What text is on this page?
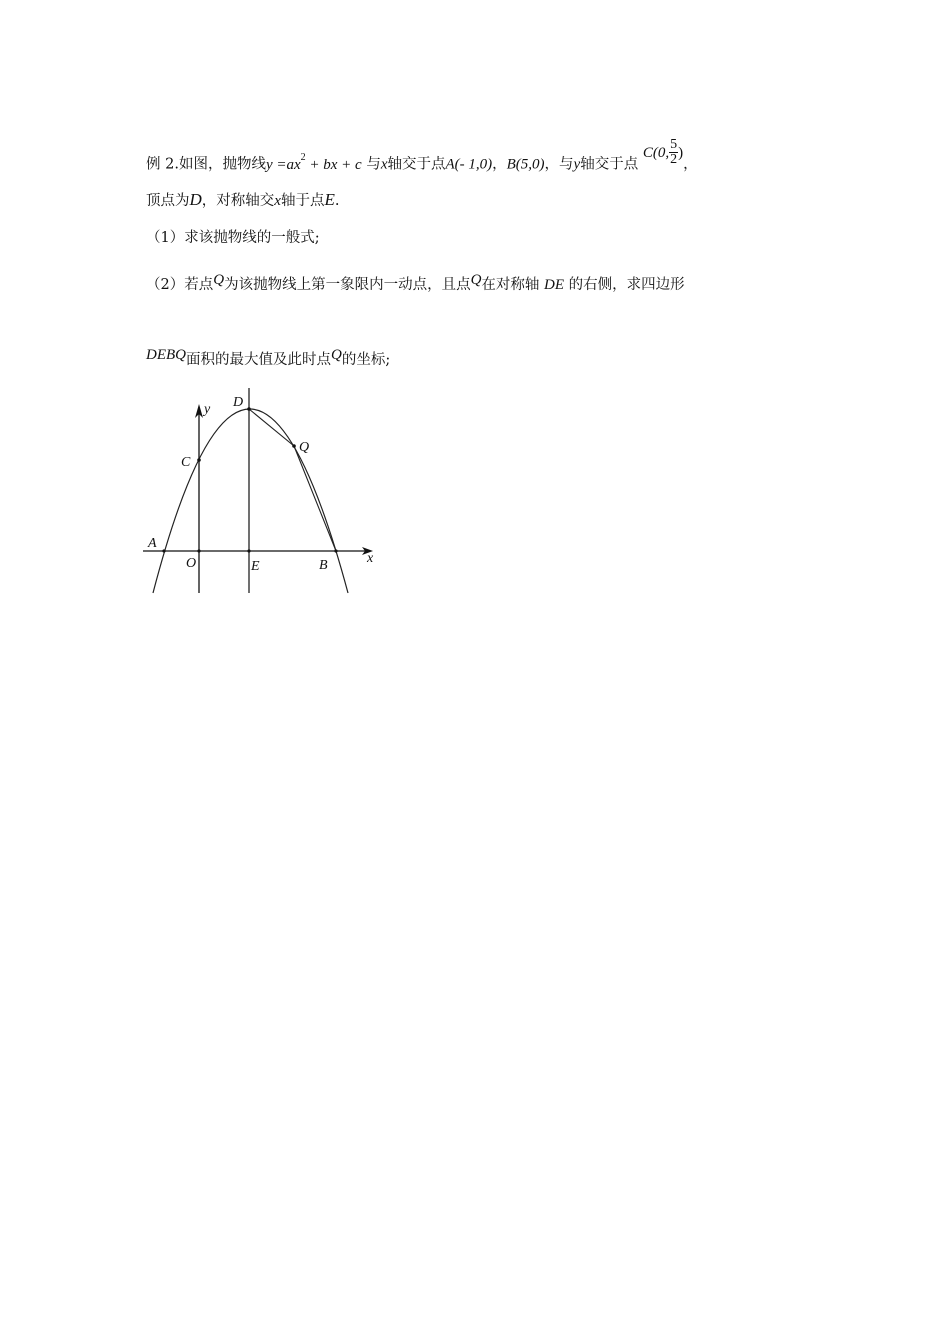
例 2.如图，抛物线$y =ax^2$ + bx + c 与x轴交于点A(- 1,0)，B(5,0)，与y轴交于点 C(0, $\frac{5}{2}$ )，
顶点为D，对称轴交x轴于点E.
（1）求该抛物线的一般式;
（2）若点Q为该抛物线上第一象限内一动点，且点Q在对称轴 DE 的右侧，求四边形
DEBQ面积的最大值及此时点Q的坐标;
A
O	E	B
C
D
Q
x
y
